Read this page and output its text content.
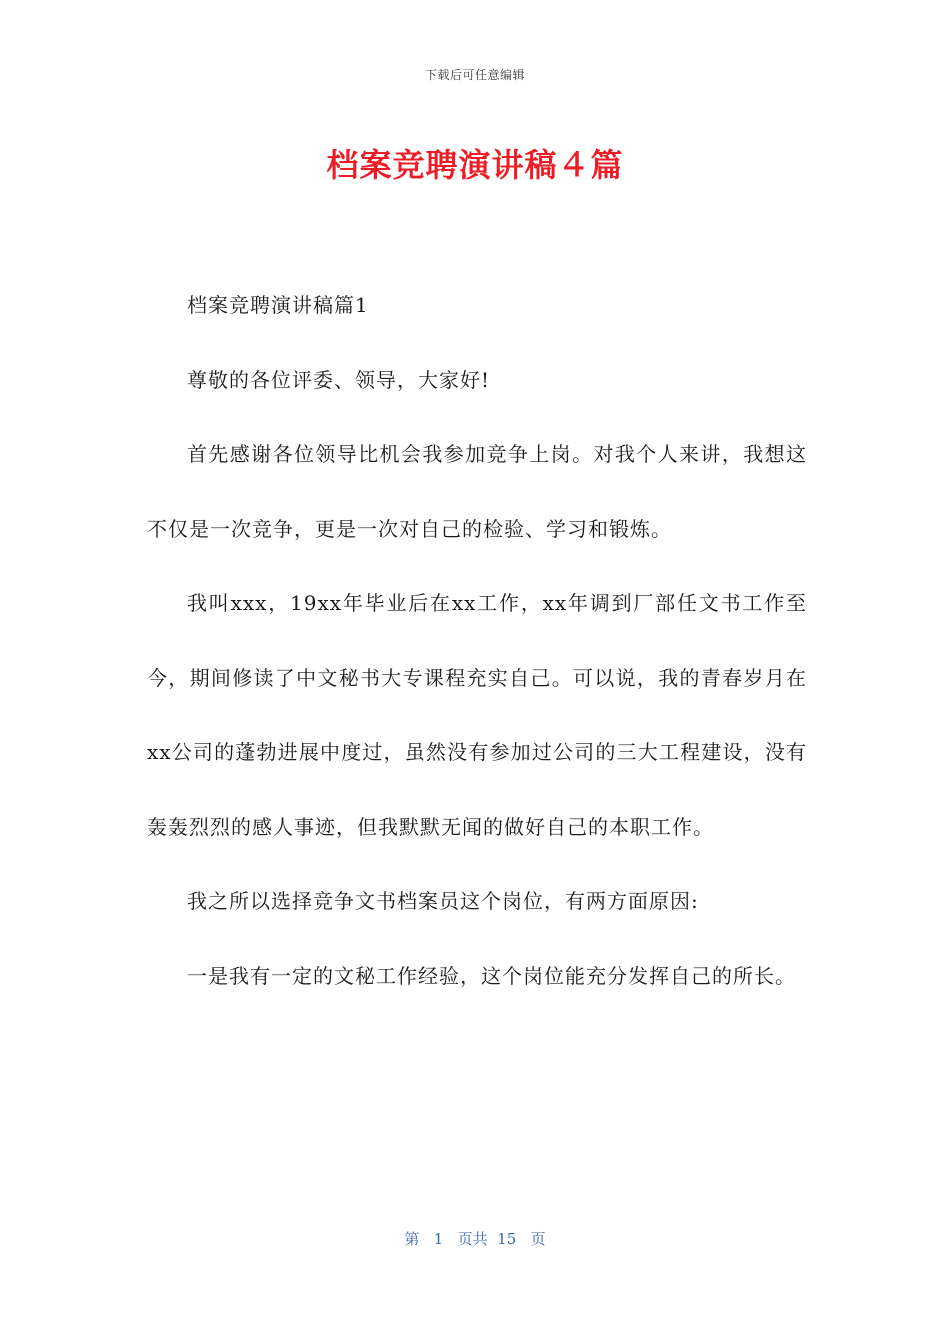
下载后可任意编辑
档案竞聘演讲稿４篇

档案竞聘演讲稿篇1

尊敬的各位评委、领导，大家好!

首先感谢各位领导比机会我参加竞争上岗。对我个人来讲，我想这不仅是一次竞争，更是一次对自己的检验、学习和锻炼。

我叫xxx，19xx年毕业后在xx工作，xx年调到厂部任文书工作至今，期间修读了中文秘书大专课程充实自己。可以说，我的青春岁月在xx公司的蓬勃进展中度过，虽然没有参加过公司的三大工程建设，没有轰轰烈烈的感人事迹，但我默默无闻的做好自己的本职工作。

我之所以选择竞争文书档案员这个岗位，有两方面原因:

一是我有一定的文秘工作经验，这个岗位能充分发挥自己的所长。

第 1 页共 15 页
